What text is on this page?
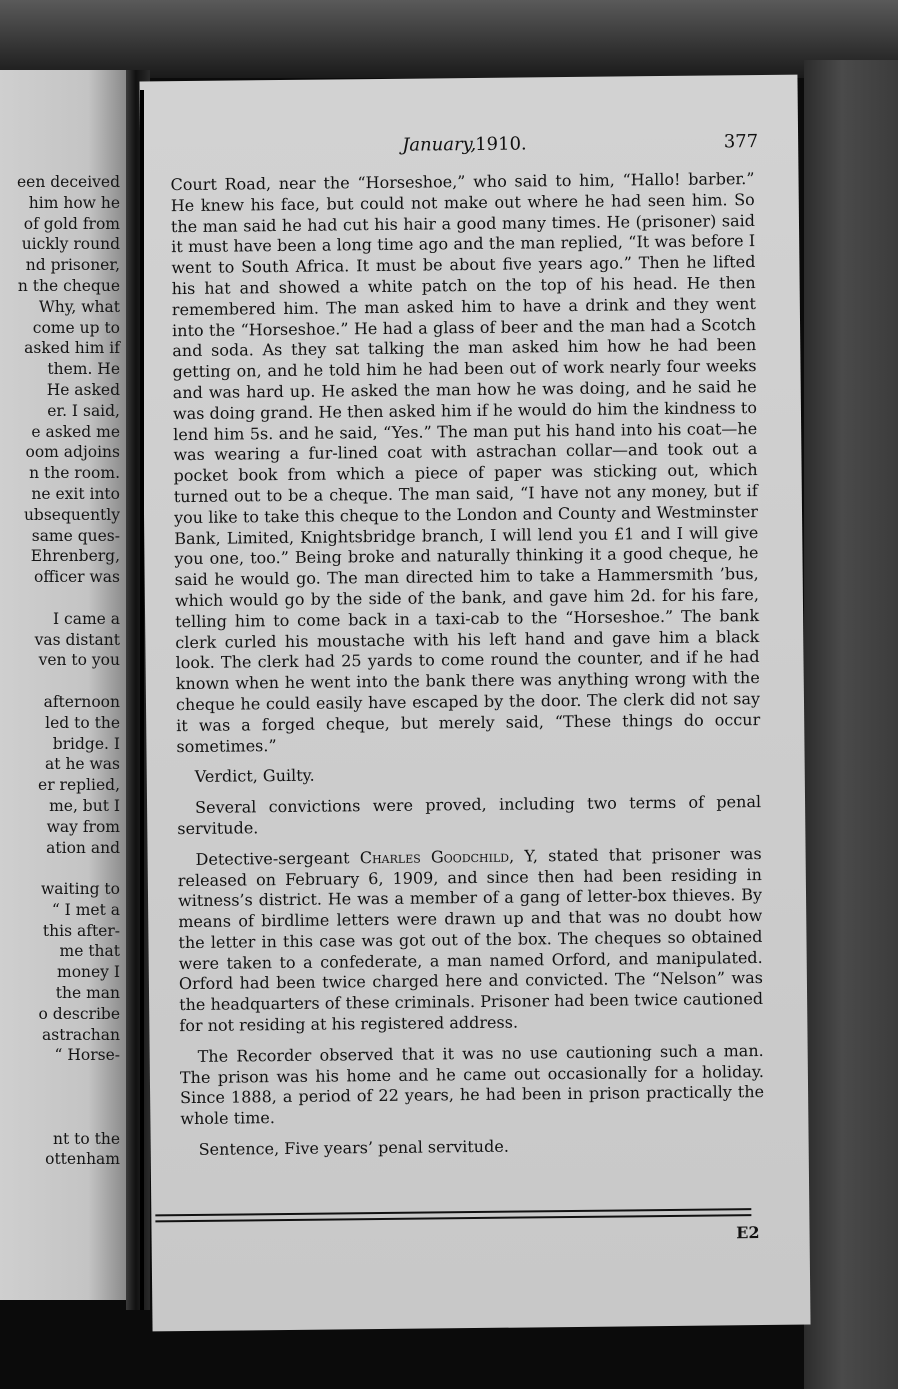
een deceived
him how he
of gold from
uickly round
nd prisoner,
n the cheque
Why, what
come up to
asked him if
them. He
He asked
er. I said,
e asked me
oom adjoins
n the room.
ne exit into
ubsequently
same ques-
Ehrenberg,
officer was
I came a
vas distant
ven to you
afternoon
led to the
bridge. I
at he was
er replied,
me, but I
way from
ation and
waiting to
“ I met a
this after-
me that
money I
the man
o describe
astrachan
“ Horse-
nt to the
ottenham
January,
1910.	377

Court Road, near the “Horseshoe,” who said to him, “Hallo! barber.” He knew his face, but could not make out where he had seen him. So the man said he had cut his hair a good many times. He (prisoner) said it must have been a long time ago and the man replied, “It was before I went to South Africa. It must be about five years ago.” Then he lifted his hat and showed a white patch on the top of his head. He then remembered him. The man asked him to have a drink and they went into the “Horseshoe.” He had a glass of beer and the man had a Scotch and soda. As they sat talking the man asked him how he had been getting on, and he told him he had been out of work nearly four weeks and was hard up. He asked the man how he was doing, and he said he was doing grand. He then asked him if he would do him the kindness to lend him 5s. and he said, “Yes.” The man put his hand into his coat—he was wearing a fur-lined coat with astrachan collar—and took out a pocket book from which a piece of paper was sticking out, which turned out to be a cheque. The man said, “I have not any money, but if you like to take this cheque to the London and County and Westminster Bank, Limited, Knightsbridge branch, I will lend you £1 and I will give you one, too.” Being broke and naturally thinking it a good cheque, he said he would go. The man directed him to take a Hammersmith ’bus, which would go by the side of the bank, and gave him 2d. for his fare, telling him to come back in a taxi-cab to the “Horseshoe.” The bank clerk curled his moustache with his left hand and gave him a black look. The clerk had 25 yards to come round the counter, and if he had known when he went into the bank there was anything wrong with the cheque he could easily have escaped by the door. The clerk did not say it was a forged cheque, but merely said, “These things do occur sometimes.”

Verdict, Guilty.

Several convictions were proved, including two terms of penal servitude.

Detective-sergeant Charles Goodchild, Y, stated that prisoner was released on February 6, 1909, and since then had been residing in witness’s district. He was a member of a gang of letter-box thieves. By means of birdlime letters were drawn up and that was no doubt how the letter in this case was got out of the box. The cheques so obtained were taken to a confederate, a man named Orford, and manipulated. Orford had been twice charged here and convicted. The “Nelson” was the headquarters of these criminals. Prisoner had been twice cautioned for not residing at his registered address.

The Recorder observed that it was no use cautioning such a man. The prison was his home and he came out occasionally for a holiday. Since 1888, a period of 22 years, he had been in prison practically the whole time.

Sentence, Five years’ penal servitude.

E2
